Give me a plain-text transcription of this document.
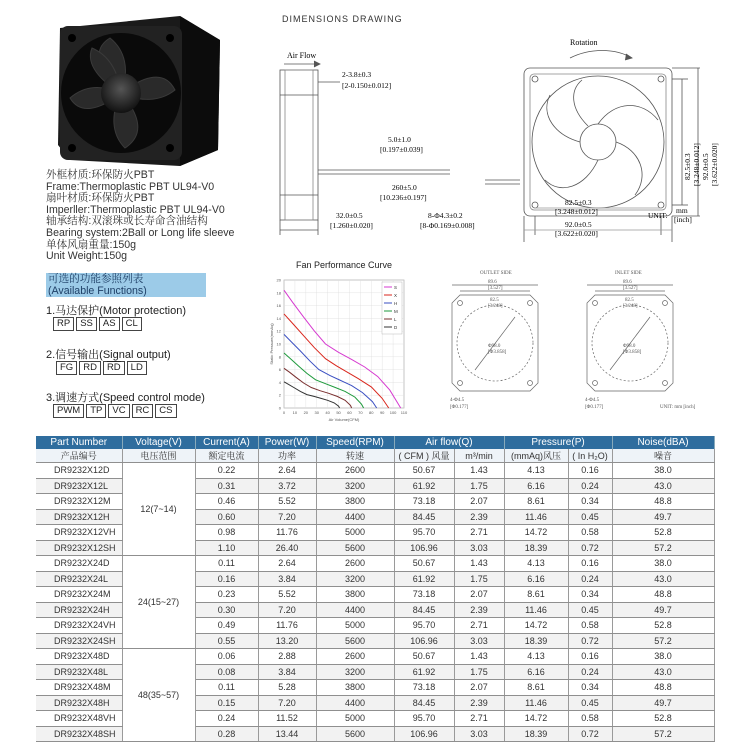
外框材质:环保防火PBT
Frame:Thermoplastic PBT UL94-V0
扇叶材质:环保防火PBT
Imperller:Thermoplastic PBT UL94-V0
轴承结构:双滚珠或长寿命含油结构
Bearing system:2Ball or Long life sleeve
单体风扇重量:150g
Unit Weight:150g
可选的功能参照列表
(Available Functions)
1.马达保护(Motor protection)
RP	SS	AS	CL
2.信号输出(Signal output)
FG	RD	$\overline{RD}$	LD
3.调速方式(Speed control mode)
PWM	TP	VC	RC	CS
DIMENSIONS DRAWING
Air Flow
Rotation
2-3.8±0.3
[2-0.150±0.012]
5.0±1.0
[0.197±0.039]
260±5.0
[10.236±0.197]
32.0±0.5
[1.260±0.020]
8-Φ4.3±0.2
[8-Φ0.169±0.008]
82.5±0.3
[3.248±0.012]
92.0±0.5
[3.622±0.020]
82.5±0.3 [3.248±0.012] 92.0±0.5 [3.622±0.020]
UNIT:
mm
[inch]
Fan Performance Curve
0
2
4
6
8
10
12
14
16
18
20
0 10 20 30 40 50 60 70 80 90 100 110
S
X
H
M
L
D
Air Volume(CFM)
Static Pressure(mmAq)
OUTLET SIDE	INLET SIDE
89.6	89.6
[3.527]	[3.527]
82.5	82.5
[3.248]	[3.248]
Φ98.0	Φ98.0
[Φ3.858]	[Φ3.858]
4-Φ4.5	4-Φ4.5
[Φ0.177]	[Φ0.177]	UNIT: mm [inch]
Part Number	Voltage(V)	Current(A)	Power(W)	Speed(RPM)	Air flow(Q)		Pressure(P)		Noise(dBA)
产品编号	电压范围	额定电流	功率	转速	( CFM ) 风量	m³/min	(mmAq)风压	( In H₂O)	噪音
DR9232X12D	12(7~14)	0.22	2.64	2600	50.67	1.43	4.13	0.16	38.0
DR9232X12L		0.31	3.72	3200	61.92	1.75	6.16	0.24	43.0
DR9232X12M		0.46	5.52	3800	73.18	2.07	8.61	0.34	48.8
DR9232X12H		0.60	7.20	4400	84.45	2.39	11.46	0.45	49.7
DR9232X12VH		0.98	11.76	5000	95.70	2.71	14.72	0.58	52.8
DR9232X12SH		1.10	26.40	5600	106.96	3.03	18.39	0.72	57.2
DR9232X24D	24(15~27)	0.11	2.64	2600	50.67	1.43	4.13	0.16	38.0
DR9232X24L		0.16	3.84	3200	61.92	1.75	6.16	0.24	43.0
DR9232X24M		0.23	5.52	3800	73.18	2.07	8.61	0.34	48.8
DR9232X24H		0.30	7.20	4400	84.45	2.39	11.46	0.45	49.7
DR9232X24VH		0.49	11.76	5000	95.70	2.71	14.72	0.58	52.8
DR9232X24SH		0.55	13.20	5600	106.96	3.03	18.39	0.72	57.2
DR9232X48D	48(35~57)	0.06	2.88	2600	50.67	1.43	4.13	0.16	38.0
DR9232X48L		0.08	3.84	3200	61.92	1.75	6.16	0.24	43.0
DR9232X48M		0.11	5.28	3800	73.18	2.07	8.61	0.34	48.8
DR9232X48H		0.15	7.20	4400	84.45	2.39	11.46	0.45	49.7
DR9232X48VH		0.24	11.52	5000	95.70	2.71	14.72	0.58	52.8
DR9232X48SH		0.28	13.44	5600	106.96	3.03	18.39	0.72	57.2
